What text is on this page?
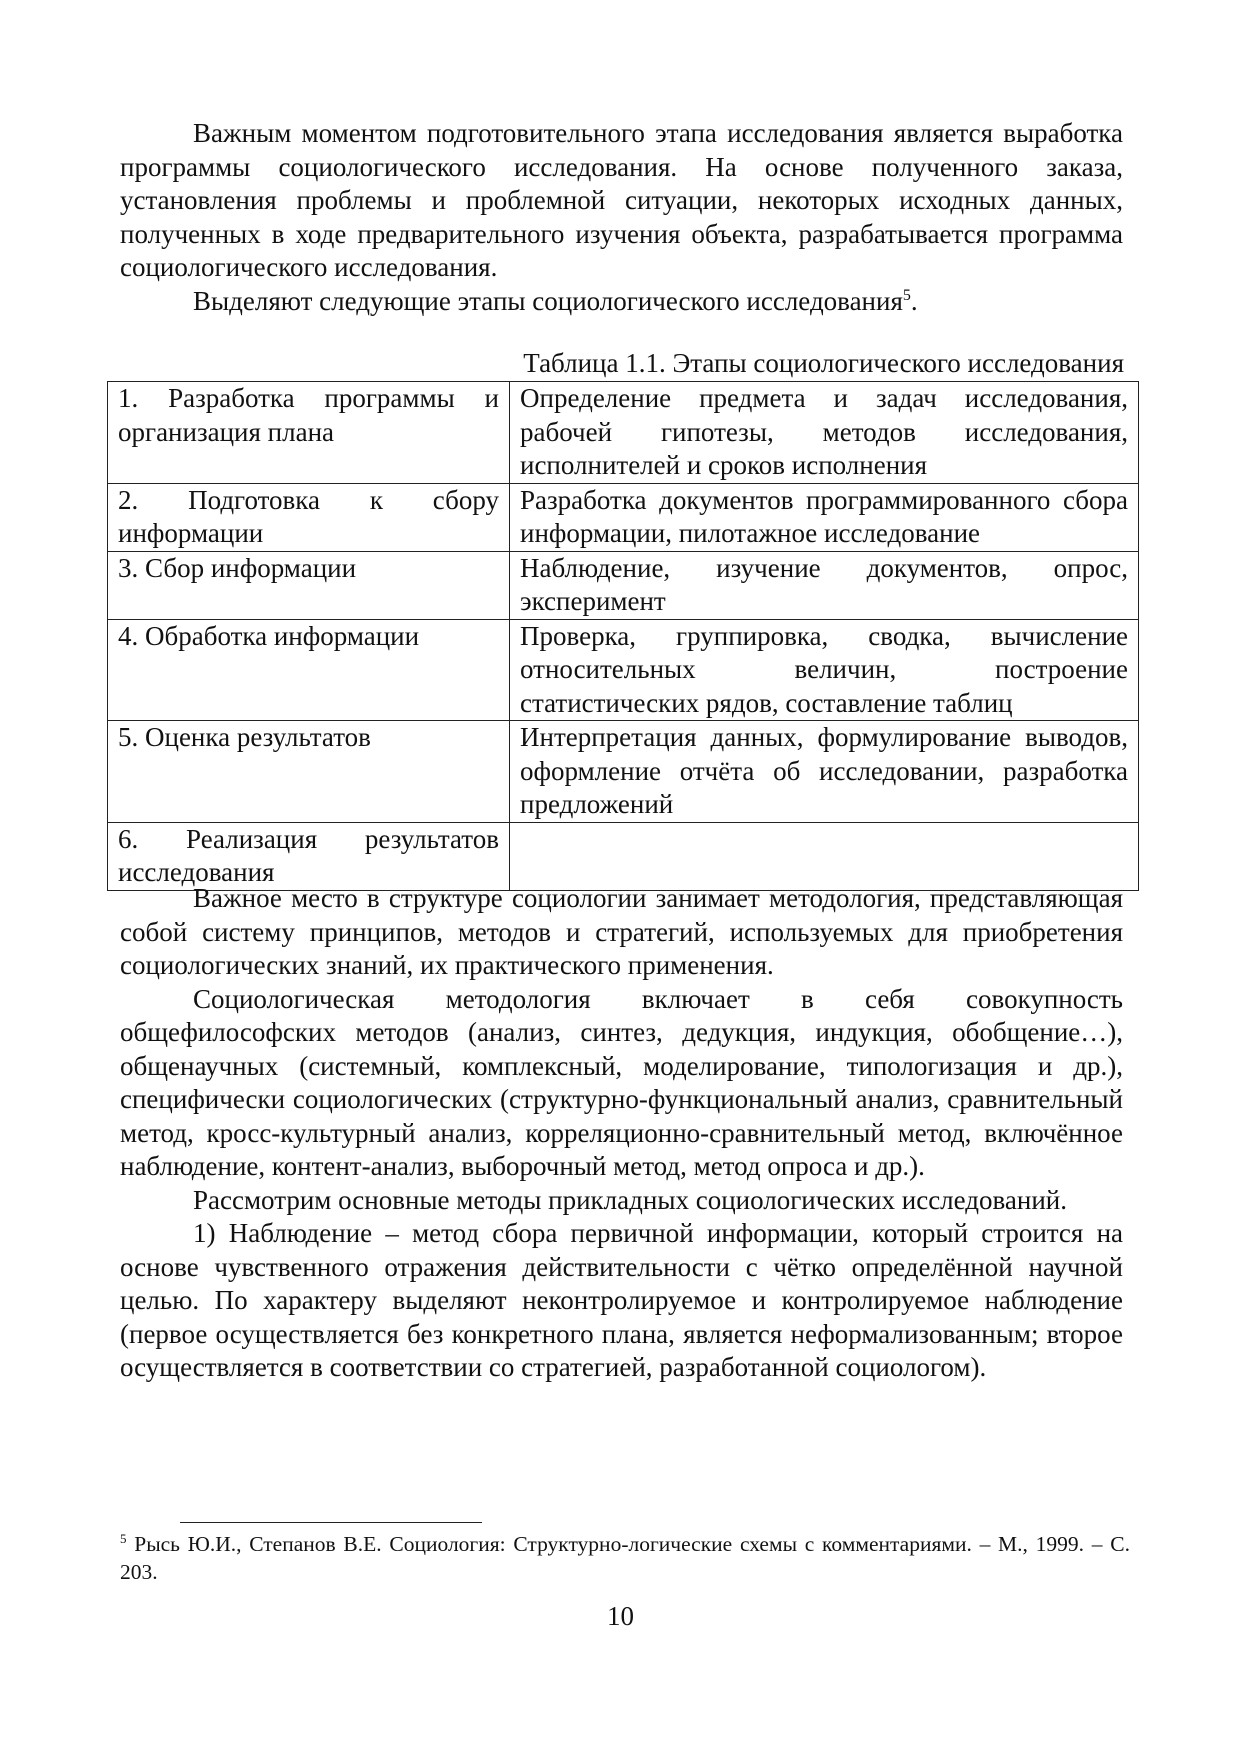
Важным моментом подготовительного этапа исследования является выработка программы социологического исследования. На основе полученного заказа, установления проблемы и проблемной ситуации, некоторых исходных данных, полученных в ходе предварительного изучения объекта, разрабатывается программа социологического исследования.

Выделяют следующие этапы социологического исследования$^5$.

Таблица 1.1. Этапы социологического исследования
1. Разработка программы и организация плана	Определение предмета и задач исследования, рабочей гипотезы, методов исследования, исполнителей и сроков исполнения
2. Подготовка к сбору информации	Разработка документов программированного сбора информации, пилотажное исследование
3. Сбор информации	Наблюдение, изучение документов, опрос, эксперимент
4. Обработка информации	Проверка, группировка, сводка, вычисление относительных величин, построение статистических рядов, составление таблиц
5. Оценка результатов	Интерпретация данных, формулирование выводов, оформление отчёта об исследовании, разработка предложений
6. Реализация результатов исследования	

Важное место в структуре социологии занимает методология, представляющая собой систему принципов, методов и стратегий, используемых для приобретения социологических знаний, их практического применения.

Социологическая методология включает в себя совокупность общефилософских методов (анализ, синтез, дедукция, индукция, обобщение…), общенаучных (системный, комплексный, моделирование, типологизация и др.), специфически социологических (структурно-функциональный анализ, сравнительный метод, кросс-культурный анализ, корреляционно-сравнительный метод, включённое наблюдение, контент-анализ, выборочный метод, метод опроса и др.).

Рассмотрим основные методы прикладных социологических исследований.

1) Наблюдение – метод сбора первичной информации, который строится на основе чувственного отражения действительности с чётко определённой научной целью. По характеру выделяют неконтролируемое и контролируемое наблюдение (первое осуществляется без конкретного плана, является неформализованным; второе осуществляется в соответствии со стратегией, разработанной социологом).

$^5$ Рысь Ю.И., Степанов В.Е. Социология: Структурно-логические схемы с комментариями. – М., 1999. – С. 203.
10
